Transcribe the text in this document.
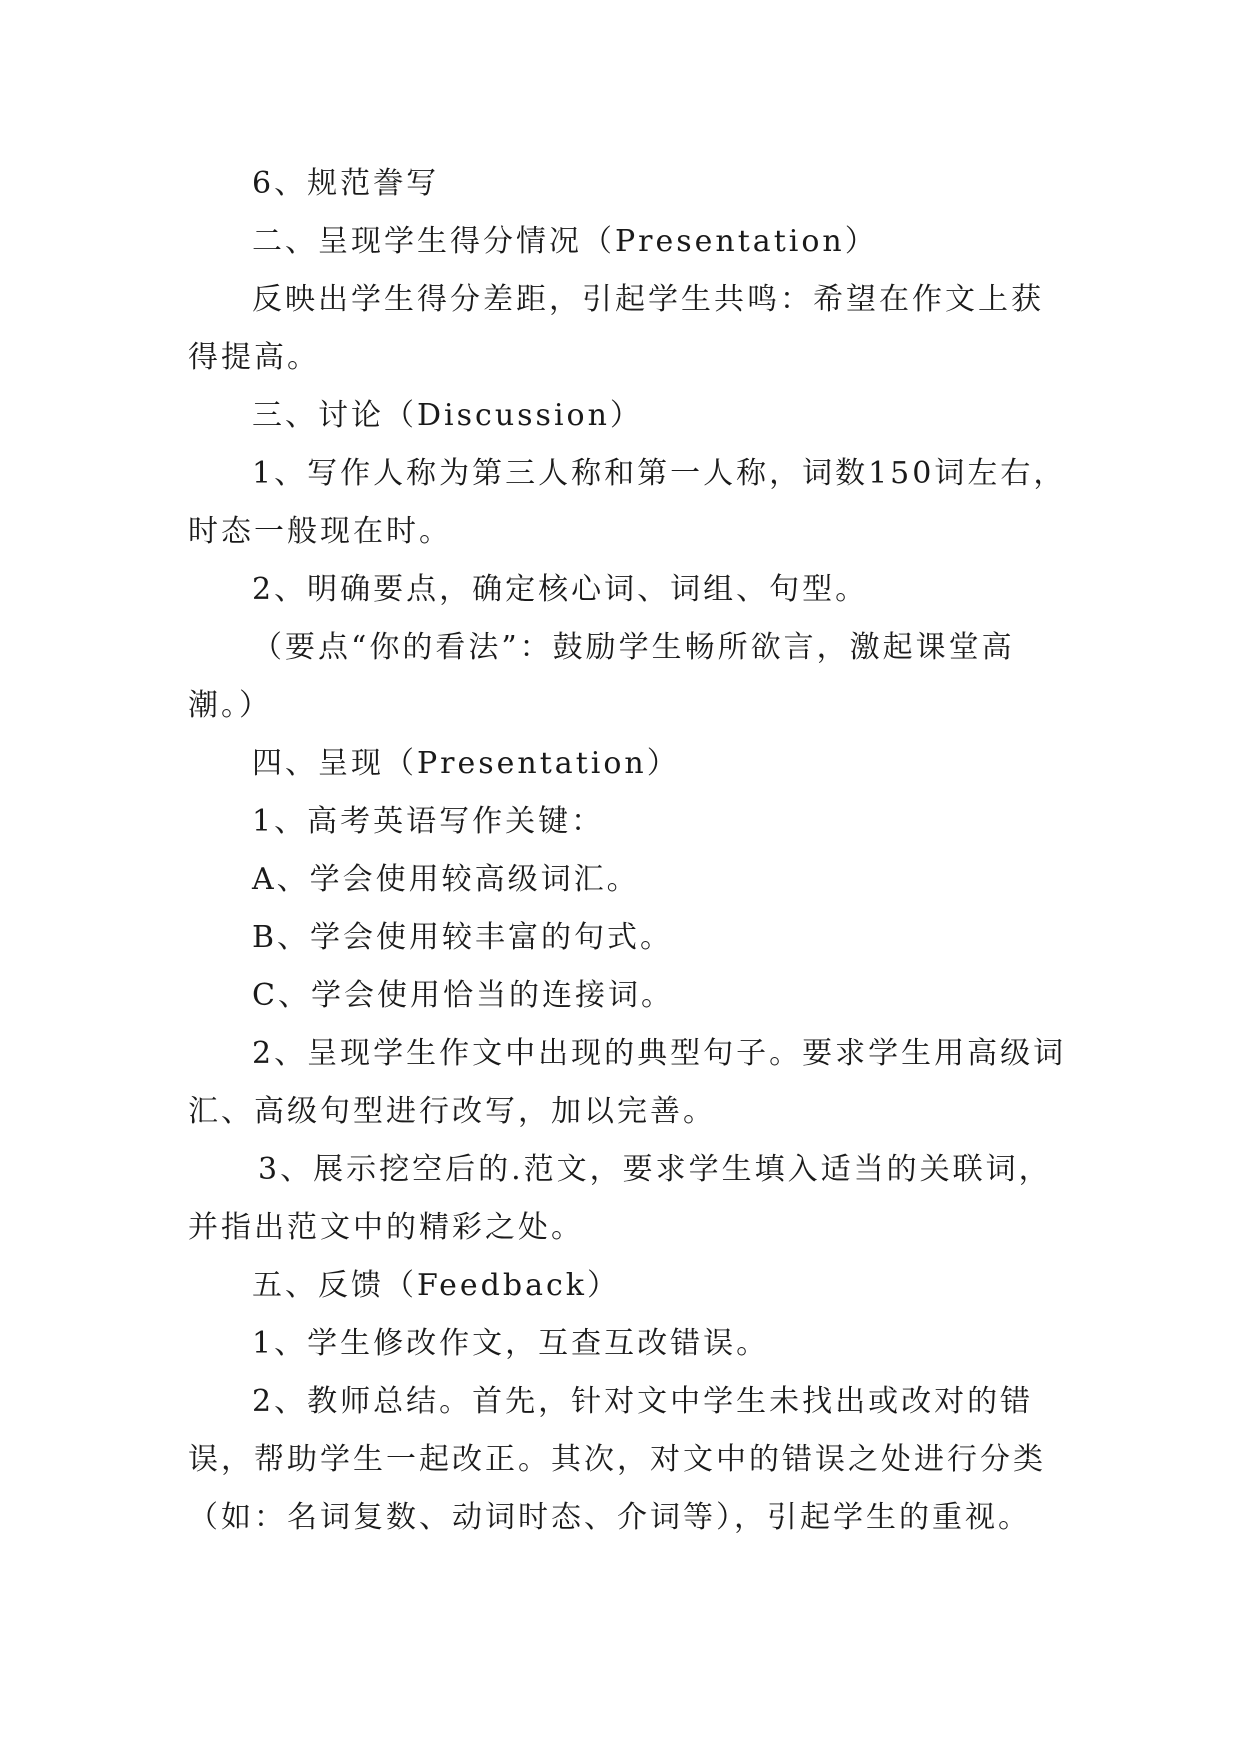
6、规范誊写

二、呈现学生得分情况（Presentation）

反映出学生得分差距，引起学生共鸣：希望在作文上获得提高。

三、讨论（Discussion）

1、写作人称为第三人称和第一人称，词数150词左右，时态一般现在时。

2、明确要点，确定核心词、词组、句型。

（要点“你的看法”：鼓励学生畅所欲言，激起课堂高潮。）

四、呈现（Presentation）

1、高考英语写作关键：

A、学会使用较高级词汇。

B、学会使用较丰富的句式。

C、学会使用恰当的连接词。

2、呈现学生作文中出现的典型句子。要求学生用高级词汇、高级句型进行改写，加以完善。

3、展示挖空后的.范文，要求学生填入适当的关联词，并指出范文中的精彩之处。

五、反馈（Feedback）

1、学生修改作文，互查互改错误。

2、教师总结。首先，针对文中学生未找出或改对的错误，帮助学生一起改正。其次，对文中的错误之处进行分类（如：名词复数、动词时态、介词等），引起学生的重视。
